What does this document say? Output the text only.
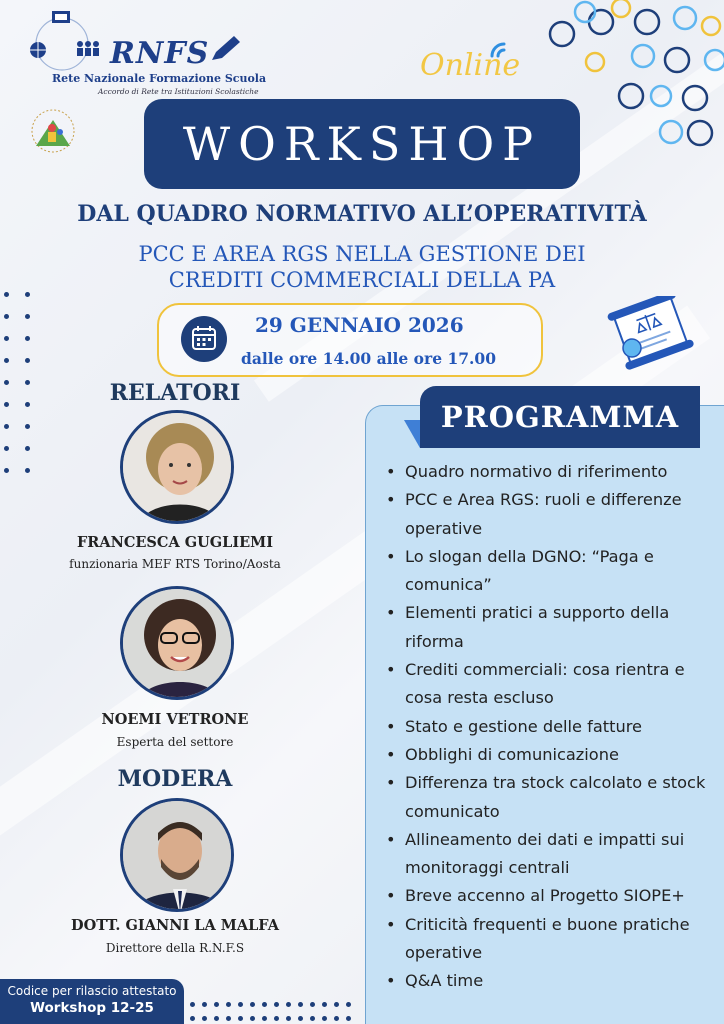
RNFS
Rete Nazionale Formazione Scuola
Accordo di Rete tra Istituzioni Scolastiche
Online
WORKSHOP
DAL QUADRO NORMATIVO ALL’OPERATIVITÀ
PCC E AREA RGS NELLA GESTIONE DEI
CREDITI COMMERCIALI DELLA PA
29 GENNAIO 2026
dalle ore 14.00 alle ore 17.00
RELATORI
FRANCESCA GUGLIEMI
funzionaria MEF RTS Torino/Aosta
NOEMI VETRONE
Esperta del settore
MODERA
DOTT. GIANNI LA MALFA
Direttore della R.N.F.S
PROGRAMMA
• Quadro normativo di riferimento
• PCC e Area RGS: ruoli e differenze operative
• Lo slogan della DGNO: “Paga e comunica”
• Elementi pratici a supporto della riforma
• Crediti commerciali: cosa rientra e cosa resta escluso
• Stato e gestione delle fatture
• Obblighi di comunicazione
• Differenza tra stock calcolato e stock comunicato
• Allineamento dei dati e impatti sui monitoraggi centrali
• Breve accenno al Progetto SIOPE+
• Criticità frequenti e buone pratiche operative
• Q&A time
Codice per rilascio attestato
Workshop 12-25
